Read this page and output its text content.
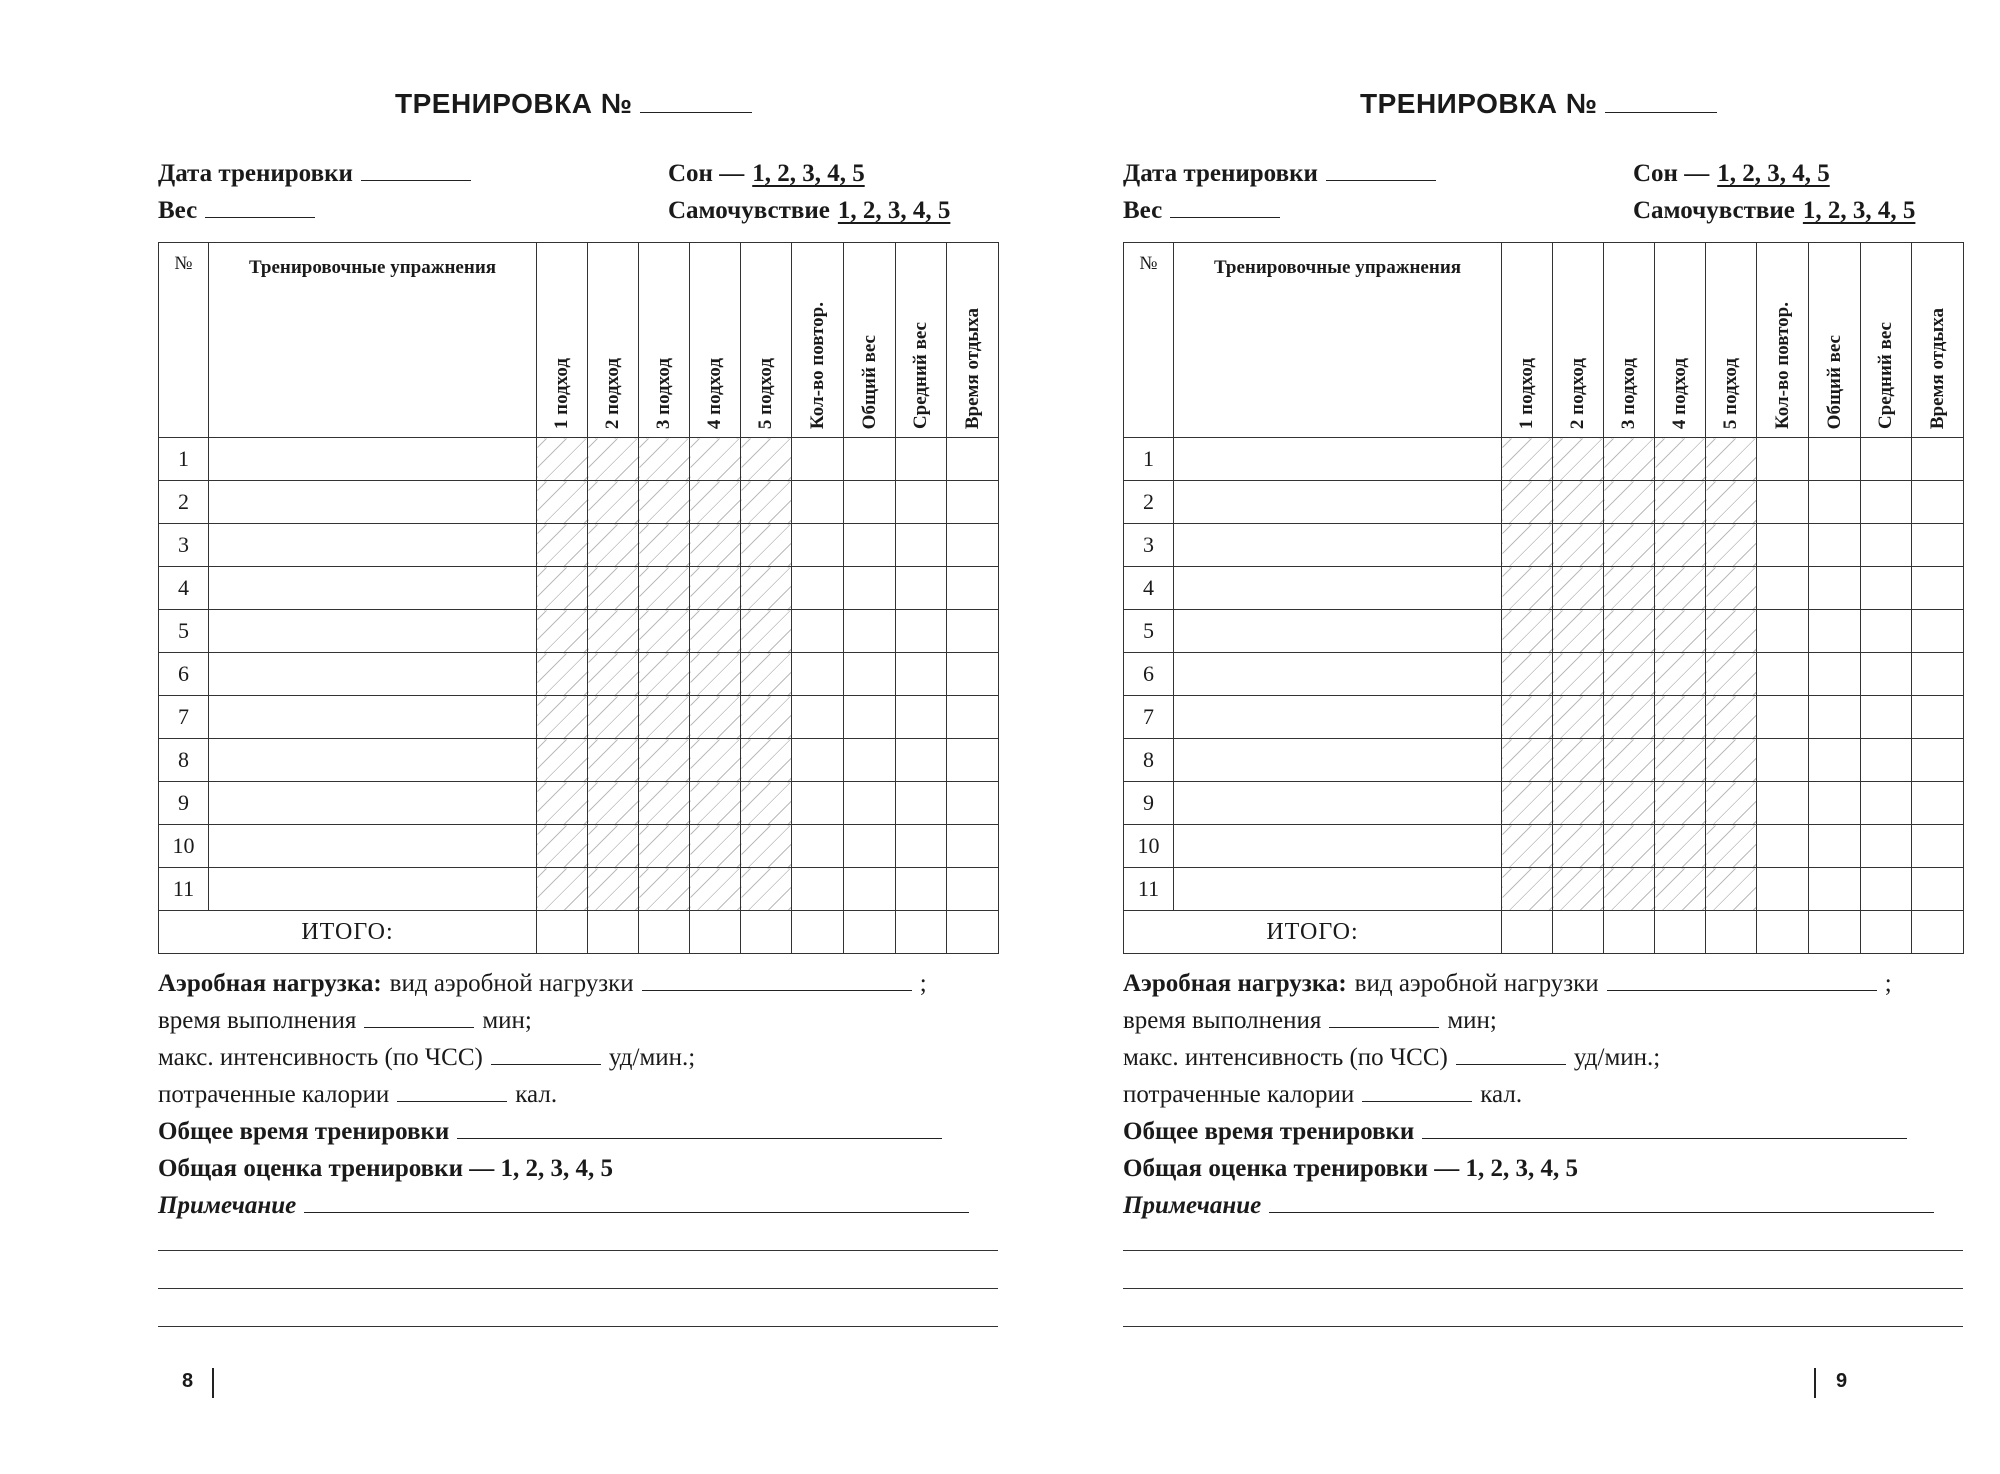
ТРЕНИРОВКА №
Дата тренировки
Вес
Сон — 1, 2, 3, 4, 5
Самочувствие 1, 2, 3, 4, 5
№	Тренировочные упражнения	1 подход	2 подход	3 подход	4 подход	5 подход	Кол-во повтор.	Общий вес	Средний вес	Время отдыха

1										
2										
3										
4										
5										
6										
7										
8										
9										
10										
11										
ИТОГО:										
Аэробная нагрузка: вид аэробной нагрузки	;
время выполнения	мин;
макс. интенсивность (по ЧСС)	уд/мин.;
потраченные калории	кал.
Общее время тренировки
Общая оценка тренировки — 1, 2, 3, 4, 5
Примечание
8
ТРЕНИРОВКА №
Дата тренировки
Вес
Сон — 1, 2, 3, 4, 5
Самочувствие 1, 2, 3, 4, 5
№	Тренировочные упражнения	1 подход	2 подход	3 подход	4 подход	5 подход	Кол-во повтор.	Общий вес	Средний вес	Время отдыха

1										
2										
3										
4										
5										
6										
7										
8										
9										
10										
11										
ИТОГО:										
Аэробная нагрузка: вид аэробной нагрузки	;
время выполнения	мин;
макс. интенсивность (по ЧСС)	уд/мин.;
потраченные калории	кал.
Общее время тренировки
Общая оценка тренировки — 1, 2, 3, 4, 5
Примечание
9
